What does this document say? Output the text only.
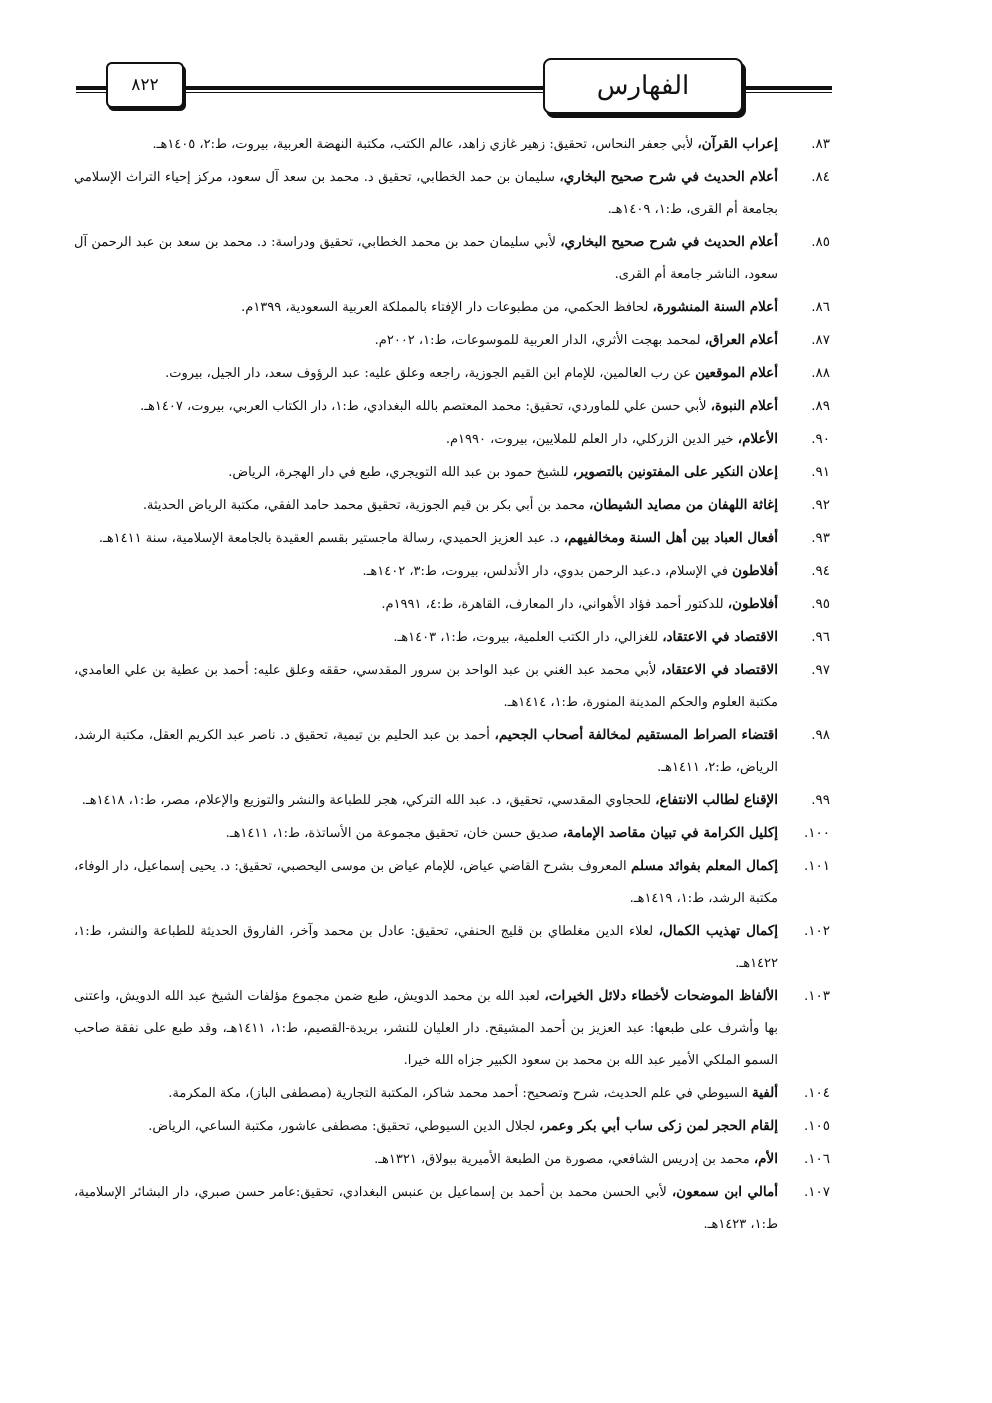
٨٢٢	الفهارس
٨٣.
إعراب القرآن، لأبي جعفر النحاس، تحقيق: زهير غازي زاهد، عالم الكتب، مكتبة النهضة العربية، بيروت، ط:٢، ١٤٠٥هـ.
٨٤.
أعلام الحديث في شرح صحيح البخاري، سليمان بن حمد الخطابي، تحقيق د. محمد بن سعد آل سعود، مركز إحياء التراث الإسلامي بجامعة أم القرى، ط:١، ١٤٠٩هـ.
٨٥.
أعلام الحديث في شرح صحيح البخاري، لأبي سليمان حمد بن محمد الخطابي، تحقيق ودراسة: د. محمد بن سعد بن عبد الرحمن آل سعود، الناشر جامعة أم القرى.
٨٦.
أعلام السنة المنشورة، لحافظ الحكمي، من مطبوعات دار الإفتاء بالمملكة العربية السعودية، ١٣٩٩م.
٨٧.
أعلام العراق، لمحمد بهجت الأثري، الدار العربية للموسوعات، ط:١، ٢٠٠٢م.
٨٨.
أعلام الموقعين عن رب العالمين، للإمام ابن القيم الجوزية، راجعه وعلق عليه: عبد الرؤوف سعد، دار الجيل، بيروت.
٨٩.
أعلام النبوة، لأبي حسن علي للماوردي، تحقيق: محمد المعتصم بالله البغدادي، ط:١، دار الكتاب العربي، بيروت، ١٤٠٧هـ.
٩٠.
الأعلام، خير الدين الزركلي، دار العلم للملايين، بيروت، ١٩٩٠م.
٩١.
إعلان النكير على المفتونين بالتصوير، للشيخ حمود بن عبد الله التويجري، طبع في دار الهجرة، الرياض.
٩٢.
إغاثة اللهفان من مصايد الشيطان، محمد بن أبي بكر بن قيم الجوزية، تحقيق محمد حامد الفقي، مكتبة الرياض الحديثة.
٩٣.
أفعال العباد بين أهل السنة ومخالفيهم، د. عبد العزيز الحميدي، رسالة ماجستير بقسم العقيدة بالجامعة الإسلامية، سنة ١٤١١هـ.
٩٤.
أفلاطون في الإسلام، د.عبد الرحمن بدوي، دار الأندلس، بيروت، ط:٣، ١٤٠٢هـ.
٩٥.
أفلاطون، للدكتور أحمد فؤاد الأهواني، دار المعارف، القاهرة، ط:٤، ١٩٩١م.
٩٦.
الاقتصاد في الاعتقاد، للغزالي، دار الكتب العلمية، بيروت، ط:١، ١٤٠٣هـ.
٩٧.
الاقتصاد في الاعتقاد، لأبي محمد عبد الغني بن عبد الواحد بن سرور المقدسي، حققه وعلق عليه: أحمد بن عطية بن علي العامدي، مكتبة العلوم والحكم المدينة المنورة، ط:١، ١٤١٤هـ.
٩٨.
اقتضاء الصراط المستقيم لمخالفة أصحاب الجحيم، أحمد بن عبد الحليم بن تيمية، تحقيق د. ناصر عبد الكريم العقل، مكتبة الرشد، الرياض، ط:٢، ١٤١١هـ.
٩٩.
الإقناع لطالب الانتفاع، للحجاوي المقدسي، تحقيق، د. عبد الله التركي، هجر للطباعة والنشر والتوزيع والإعلام، مصر، ط:١، ١٤١٨هـ.
١٠٠.
إكليل الكرامة في تبيان مقاصد الإمامة، صديق حسن خان، تحقيق مجموعة من الأساتذة، ط:١، ١٤١١هـ.
١٠١.
إكمال المعلم بفوائد مسلم المعروف بشرح القاضي عياض، للإمام عياض بن موسى اليحصبي، تحقيق: د. يحيى إسماعيل، دار الوفاء، مكتبة الرشد، ط:١، ١٤١٩هـ.
١٠٢.
إكمال تهذيب الكمال، لعلاء الدين مغلطاي بن قليج الحنفي، تحقيق: عادل بن محمد وآخر، الفاروق الحديثة للطباعة والنشر، ط:١، ١٤٢٢هـ.
١٠٣.
الألفاظ الموضحات لأخطاء دلائل الخيرات، لعبد الله بن محمد الدويش، طبع ضمن مجموع مؤلفات الشيخ عبد الله الدويش، واعتنى بها وأشرف على طبعها: عبد العزيز بن أحمد المشيقح. دار العليان للنشر، بريدة-القصيم، ط:١، ١٤١١هـ، وقد طبع على نفقة صاحب السمو الملكي الأمير عبد الله بن محمد بن سعود الكبير جزاه الله خيرا.
١٠٤.
ألفية السيوطي في علم الحديث، شرح وتصحيح: أحمد محمد شاكر، المكتبة التجارية (مصطفى الباز)، مكة المكرمة.
١٠٥.
إلقام الحجر لمن زكى ساب أبي بكر وعمر، لجلال الدين السيوطي، تحقيق: مصطفى عاشور، مكتبة الساعي، الرياض.
١٠٦.
الأم، محمد بن إدريس الشافعي، مصورة من الطبعة الأميرية ببولاق، ١٣٢١هـ.
١٠٧.
أمالي ابن سمعون، لأبي الحسن محمد بن أحمد بن إسماعيل بن عنبس البغدادي، تحقيق:عامر حسن صبري، دار البشائر الإسلامية، ط:١، ١٤٢٣هـ.
